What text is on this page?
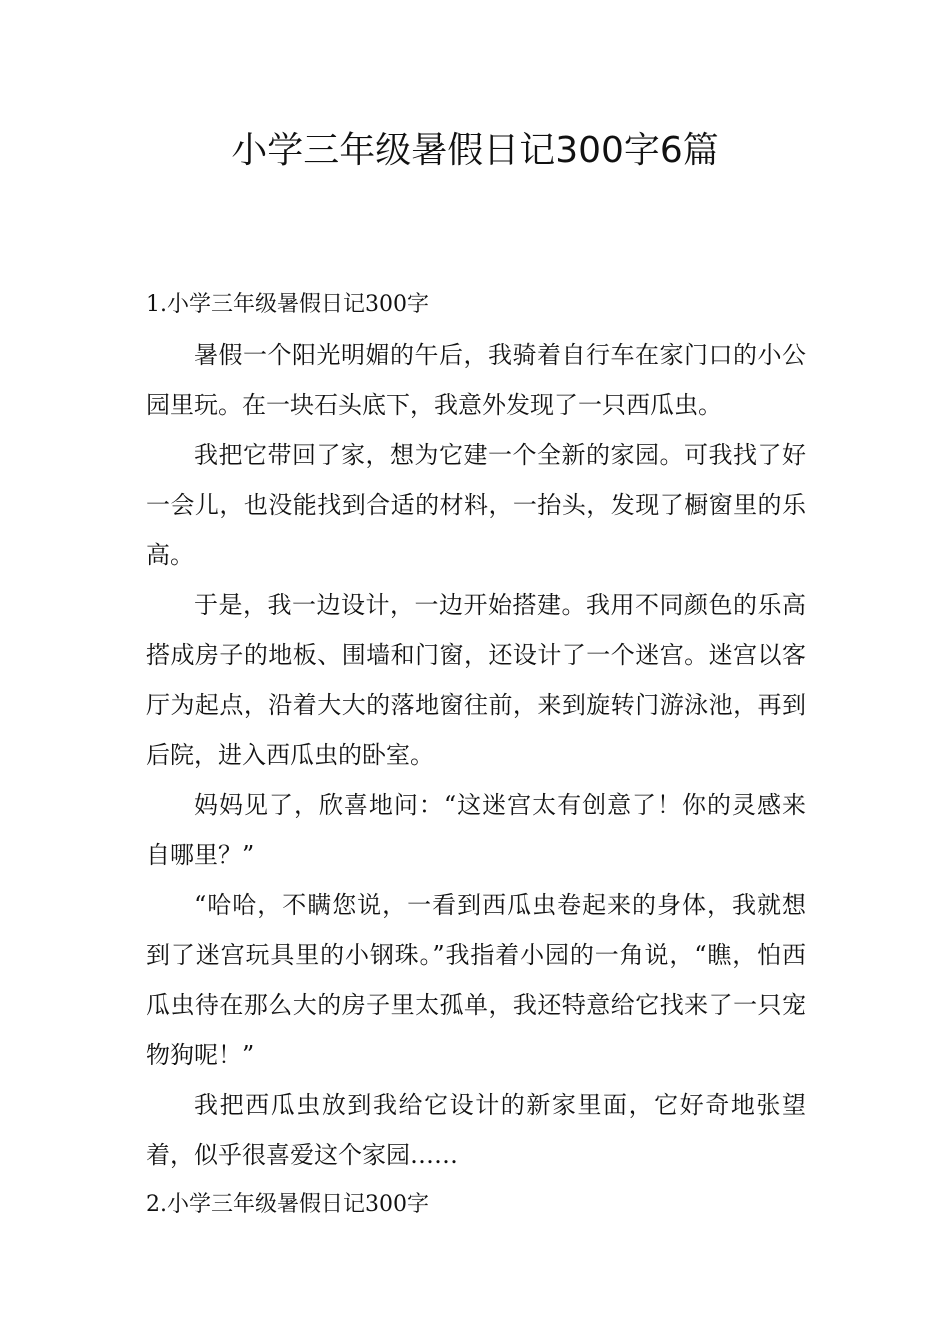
小学三年级暑假日记300字6篇

1.小学三年级暑假日记300字

暑假一个阳光明媚的午后，我骑着自行车在家门口的小公园里玩。在一块石头底下，我意外发现了一只西瓜虫。

我把它带回了家，想为它建一个全新的家园。可我找了好一会儿，也没能找到合适的材料，一抬头，发现了橱窗里的乐高。

于是，我一边设计，一边开始搭建。我用不同颜色的乐高搭成房子的地板、围墙和门窗，还设计了一个迷宫。迷宫以客厅为起点，沿着大大的落地窗往前，来到旋转门游泳池，再到后院，进入西瓜虫的卧室。

妈妈见了，欣喜地问：“这迷宫太有创意了！你的灵感来自哪里？”

“哈哈，不瞒您说，一看到西瓜虫卷起来的身体，我就想到了迷宫玩具里的小钢珠。”我指着小园的一角说，“瞧，怕西瓜虫待在那么大的房子里太孤单，我还特意给它找来了一只宠物狗呢！”

我把西瓜虫放到我给它设计的新家里面，它好奇地张望着，似乎很喜爱这个家园……

2.小学三年级暑假日记300字
